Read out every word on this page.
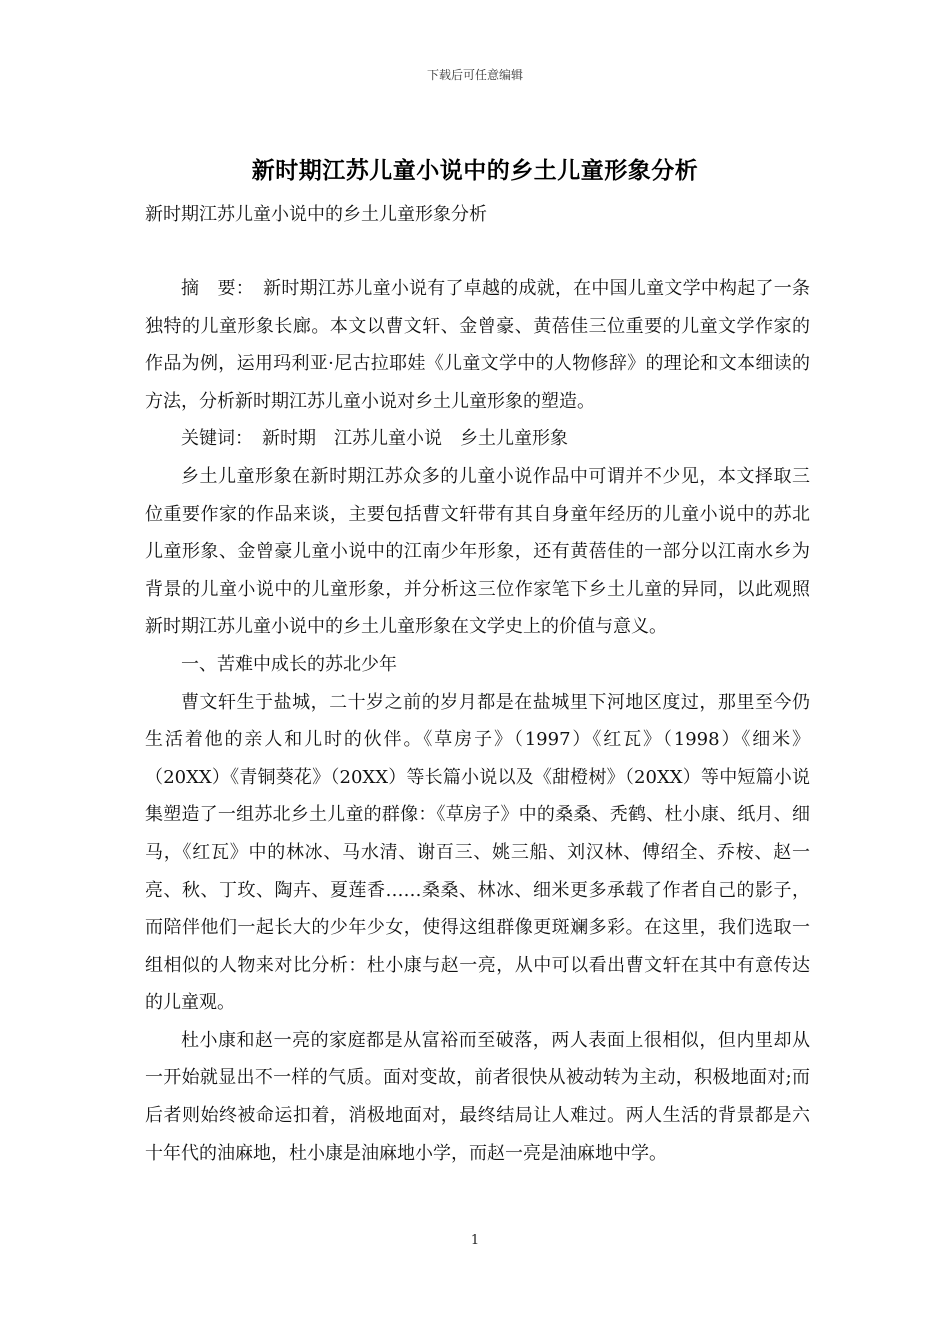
下载后可任意编辑
新时期江苏儿童小说中的乡土儿童形象分析
新时期江苏儿童小说中的乡土儿童形象分析

摘　要：　新时期江苏儿童小说有了卓越的成就，在中国儿童文学中构起了一条独特的儿童形象长廊。本文以曹文轩、金曾豪、黄蓓佳三位重要的儿童文学作家的作品为例，运用玛利亚·尼古拉耶娃《儿童文学中的人物修辞》的理论和文本细读的方法，分析新时期江苏儿童小说对乡土儿童形象的塑造。

关键词：　新时期　江苏儿童小说　乡土儿童形象

乡土儿童形象在新时期江苏众多的儿童小说作品中可谓并不少见，本文择取三位重要作家的作品来谈，主要包括曹文轩带有其自身童年经历的儿童小说中的苏北儿童形象、金曾豪儿童小说中的江南少年形象，还有黄蓓佳的一部分以江南水乡为背景的儿童小说中的儿童形象，并分析这三位作家笔下乡土儿童的异同，以此观照新时期江苏儿童小说中的乡土儿童形象在文学史上的价值与意义。

一、苦难中成长的苏北少年

曹文轩生于盐城，二十岁之前的岁月都是在盐城里下河地区度过，那里至今仍生活着他的亲人和儿时的伙伴。《草房子》（1997）《红瓦》（1998）《细米》（20XX）《青铜葵花》（20XX）等长篇小说以及《甜橙树》（20XX）等中短篇小说集塑造了一组苏北乡土儿童的群像：《草房子》中的桑桑、秃鹤、杜小康、纸月、细马，《红瓦》中的林冰、马水清、谢百三、姚三船、刘汉林、傅绍全、乔桉、赵一亮、秋、丁玫、陶卉、夏莲香……桑桑、林冰、细米更多承载了作者自己的影子，而陪伴他们一起长大的少年少女，使得这组群像更斑斓多彩。在这里，我们选取一组相似的人物来对比分析：杜小康与赵一亮，从中可以看出曹文轩在其中有意传达的儿童观。

杜小康和赵一亮的家庭都是从富裕而至破落，两人表面上很相似，但内里却从一开始就显出不一样的气质。面对变故，前者很快从被动转为主动，积极地面对;而后者则始终被命运扣着，消极地面对，最终结局让人难过。两人生活的背景都是六十年代的油麻地，杜小康是油麻地小学，而赵一亮是油麻地中学。

1
